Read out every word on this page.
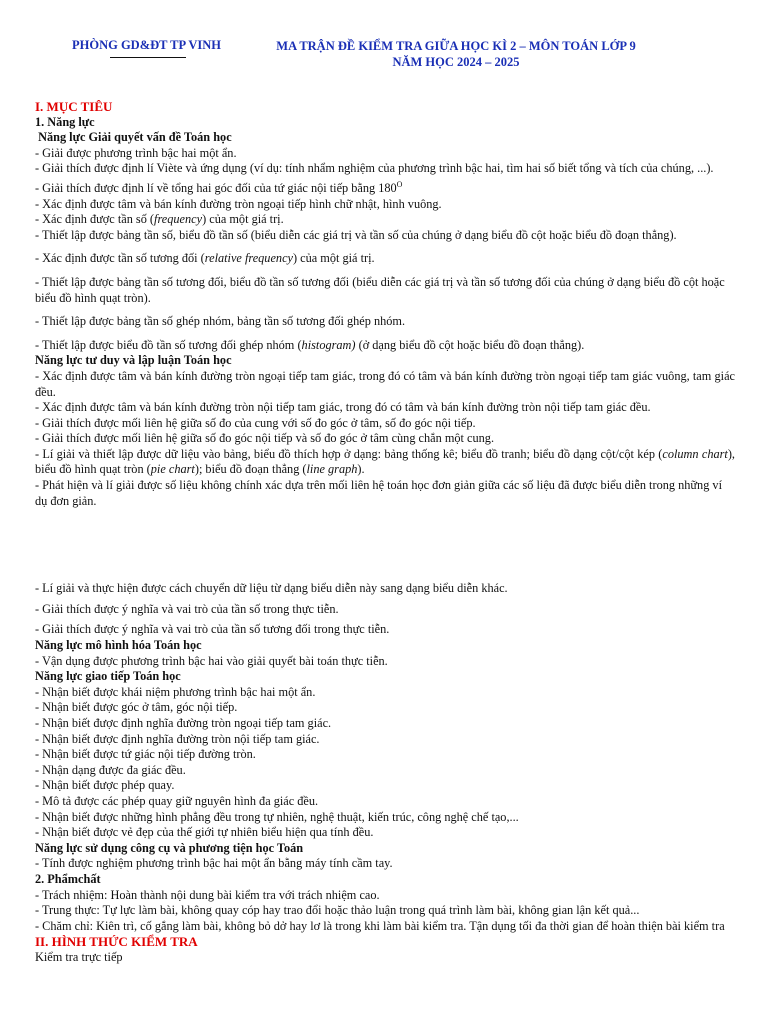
PHÒNG GD&ĐT TP VINH	MA TRẬN ĐỀ KIỂM TRA GIỮA HỌC KÌ 2 – MÔN TOÁN LỚP 9
NĂM HỌC 2024 – 2025
I. MỤC TIÊU
1. Năng lực
Năng lực Giải quyết vấn đề Toán học
- Giải được phương trình bậc hai một ẩn.
- Giải thích được định lí Viète và ứng dụng (ví dụ: tính nhẩm nghiệm của phương trình bậc hai, tìm hai số biết tổng và tích của chúng, ...).
- Giải thích được định lí về tổng hai góc đối của tứ giác nội tiếp bằng $180^O$
- Xác định được tâm và bán kính đường tròn ngoại tiếp hình chữ nhật, hình vuông.
- Xác định được tần số (frequency) của một giá trị.
- Thiết lập được bảng tần số, biểu đồ tần số (biểu diễn các giá trị và tần số của chúng ở dạng biểu đồ cột hoặc biểu đồ đoạn thẳng).
- Xác định được tần số tương đối (relative frequency) của một giá trị.
- Thiết lập được bảng tần số tương đối, biểu đồ tần số tương đối (biểu diễn các giá trị và tần số tương đối của chúng ở dạng biểu đồ cột hoặc biểu đồ hình quạt tròn).
- Thiết lập được bảng tần số ghép nhóm, bảng tần số tương đối ghép nhóm.
- Thiết lập được biểu đồ tần số tương đối ghép nhóm (histogram) (ở dạng biểu đồ cột hoặc biểu đồ đoạn thẳng).
Năng lực tư duy và lập luận Toán học
- Xác định được tâm và bán kính đường tròn ngoại tiếp tam giác, trong đó có tâm và bán kính đường tròn ngoại tiếp tam giác vuông, tam giác đều.
- Xác định được tâm và bán kính đường tròn nội tiếp tam giác, trong đó có tâm và bán kính đường tròn nội tiếp tam giác đều.
- Giải thích được mối liên hệ giữa số đo của cung với số đo góc ở tâm, số đo góc nội tiếp.
- Giải thích được mối liên hệ giữa số đo góc nội tiếp và số đo góc ở tâm cùng chắn một cung.
- Lí giải và thiết lập được dữ liệu vào bảng, biểu đồ thích hợp ở dạng: bảng thống kê; biểu đồ tranh; biểu đồ dạng cột/cột kép (column chart), biểu đồ hình quạt tròn (pie chart); biểu đồ đoạn thẳng (line graph).
- Phát hiện và lí giải được số liệu không chính xác dựa trên mối liên hệ toán học đơn giản giữa các số liệu đã được biểu diễn trong những ví dụ đơn giản.
- Lí giải và thực hiện được cách chuyển dữ liệu từ dạng biểu diễn này sang dạng biểu diễn khác.
- Giải thích được ý nghĩa và vai trò của tần số trong thực tiễn.
- Giải thích được ý nghĩa và vai trò của tần số tương đối trong thực tiễn.
Năng lực mô hình hóa Toán học
- Vận dụng được phương trình bậc hai vào giải quyết bài toán thực tiễn.
Năng lực giao tiếp Toán học
- Nhận biết được khái niệm phương trình bậc hai một ẩn.
- Nhận biết được góc ở tâm, góc nội tiếp.
- Nhận biết được định nghĩa đường tròn ngoại tiếp tam giác.
- Nhận biết được định nghĩa đường tròn nội tiếp tam giác.
- Nhận biết được tứ giác nội tiếp đường tròn.
- Nhận dạng được đa giác đều.
- Nhận biết được phép quay.
- Mô tả được các phép quay giữ nguyên hình đa giác đều.
- Nhận biết được những hình phẳng đều trong tự nhiên, nghệ thuật, kiến trúc, công nghệ chế tạo,...
- Nhận biết được vẻ đẹp của thế giới tự nhiên biểu hiện qua tính đều.
Năng lực sử dụng công cụ và phương tiện học Toán
- Tính được nghiệm phương trình bậc hai một ẩn bằng máy tính cầm tay.
2. Phẩmchất
- Trách nhiệm: Hoàn thành nội dung bài kiểm tra với trách nhiệm cao.
- Trung thực: Tự lực làm bài, không quay cóp hay trao đổi hoặc thảo luận trong quá trình làm bài, không gian lận kết quả...
- Chăm chỉ: Kiên trì, cố gắng làm bài, không bỏ dở hay lơ là trong khi làm bài kiểm tra. Tận dụng tối đa thời gian để hoàn thiện bài kiểm tra
II. HÌNH THỨC KIỂM TRA
Kiểm tra trực tiếp
